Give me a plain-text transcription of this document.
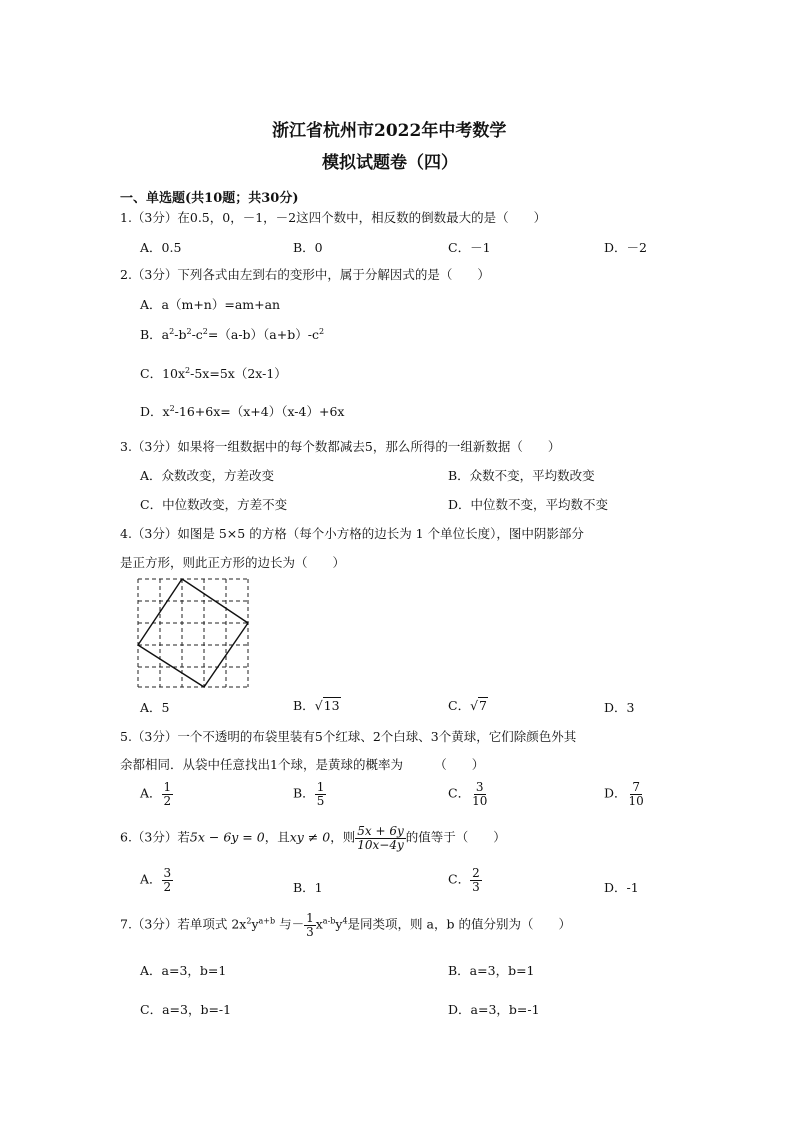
浙江省杭州市2022年中考数学
模拟试题卷（四）
一、单选题(共10题；共30分)
1.（3分）在0.5，0，－1，－2这四个数中，相反数的倒数最大的是（　　）
A．0.5	B．0	C．－1	D．－2
2.（3分）下列各式由左到右的变形中，属于分解因式的是（　　）
A．a（m+n）=am+an
B．$a^2-b^2-c^2=(a-b)(a+b)-c^2$
C．$10x^2-5x=5x(2x-1)$
D．$x^2-16+6x=(x+4)(x-4)+6x$
3.（3分）如果将一组数据中的每个数都减去5，那么所得的一组新数据（　　）
A．众数改变，方差改变	B．众数不变，平均数改变
C．中位数改变，方差不变	D．中位数不变，平均数不变
4.（3分）如图是 5×5 的方格（每个小方格的边长为 1 个单位长度），图中阴影部分
是正方形，则此正方形的边长为（　　）
A．5	B．√13	C．√7	D．3
5.（3分）一个不透明的布袋里装有5个红球、2个白球、3个黄球，它们除颜色外其
余都相同．从袋中任意找出1个球，是黄球的概率为　　　（　　）
A． $\frac{1}{2}$	B． $\frac{1}{5}$	C． $\frac{3}{10}$	D． $\frac{7}{10}$
6.（3分）若5x − 6y = 0，且xy ≠ 0，则 $\frac{5x + 6y}{10x-4y}$ 的值等于（　　）
A． $\frac{3}{2}$	B．1
C． $\frac{2}{3}$	D．-1
7.（3分）若单项式 $2x^2y^{a+b}$ 与－ $\frac{1}{3} x^{a-b}y^4$是同类项，则 a，b 的值分别为（　　）
A．a=3，b=1	B．a=3，b=1
C．a=3，b=-1	D．a=3，b=-1
